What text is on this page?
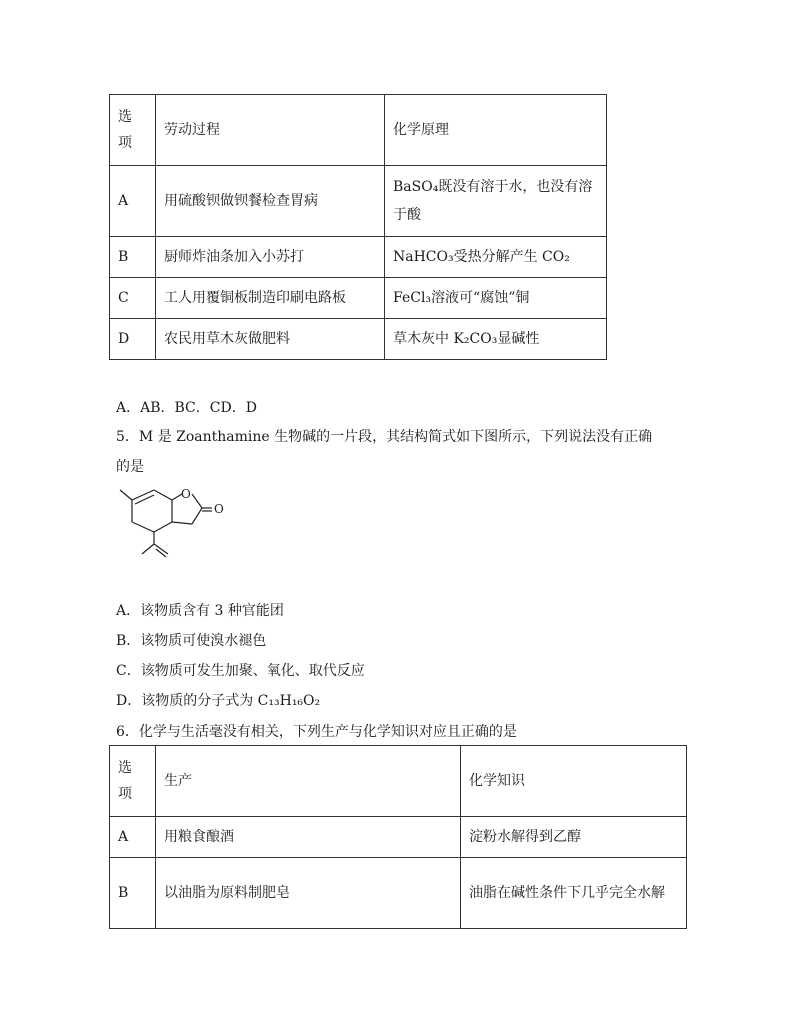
选
项	劳动过程	化学原理
A	用硫酸钡做钡餐检查胃病	BaSO₄既没有溶于水，也没有溶于酸
B	厨师炸油条加入小苏打	NaHCO₃受热分解产生 CO₂
C	工人用覆铜板制造印刷电路板	FeCl₃溶液可“腐蚀”铜
D	农民用草木灰做肥料	草木灰中 K₂CO₃显碱性
A．AB．BC．CD．D
5．M 是 Zoanthamine 生物碱的一片段，其结构简式如下图所示，下列说法没有正确
的是
O
O
A．该物质含有 3 种官能团
B．该物质可使溴水褪色
C．该物质可发生加聚、氧化、取代反应
D．该物质的分子式为 C₁₃H₁₆O₂
6．化学与生活毫没有相关，下列生产与化学知识对应且正确的是
选
项	生产	化学知识
A	用粮食酿酒	淀粉水解得到乙醇
B	以油脂为原料制肥皂	油脂在碱性条件下几乎完全水解
